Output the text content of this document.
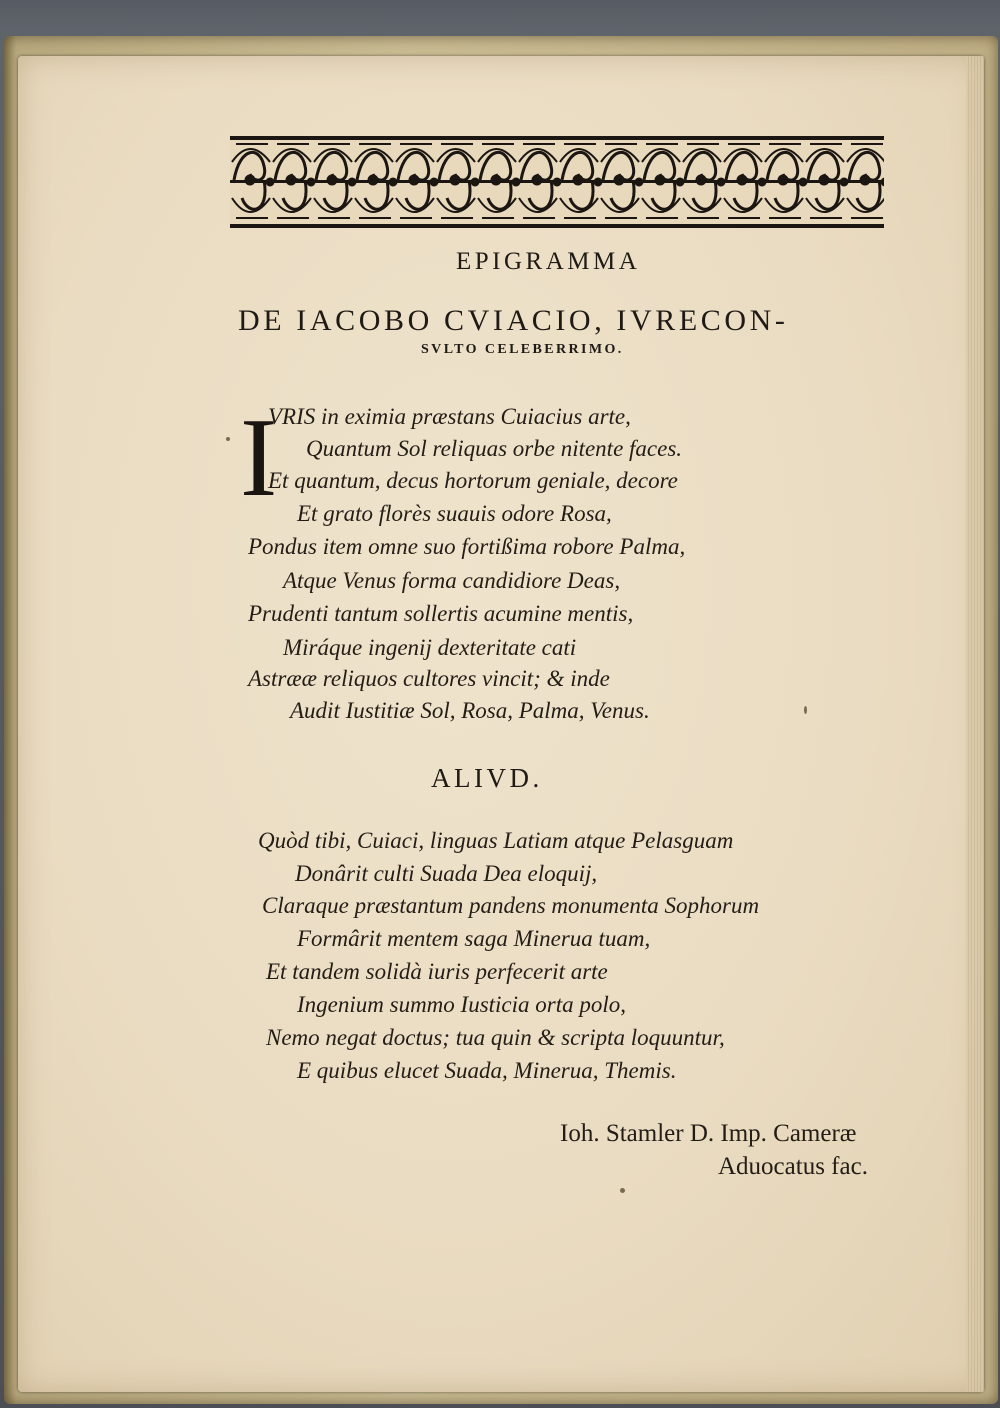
EPIGRAMMA
DE IACOBO CVIACIO, IVRECON-
SVLTO CELEBERRIMO.
I
VRIS in eximia præstans Cuiacius arte,
Quantum Sol reliquas orbe nitente faces.
Et quantum, decus hortorum geniale, decore
Et grato florès suauis odore Rosa,
Pondus item omne suo fortißima robore Palma,
Atque Venus forma candidiore Deas,
Prudenti tantum sollertis acumine mentis,
Miráque ingenij dexteritate cati
Astrææ reliquos cultores vincit; & inde
Audit Iustitiæ Sol, Rosa, Palma, Venus.
ALIVD.
Quòd tibi, Cuiaci, linguas Latiam atque Pelasguam
Donârit culti Suada Dea eloquij,
Claraque præstantum pandens monumenta Sophorum
Formârit mentem saga Minerua tuam,
Et tandem solidà iuris perfecerit arte
Ingenium summo Iusticia orta polo,
Nemo negat doctus; tua quin & scripta loquuntur,
E quibus elucet Suada, Minerua, Themis.
Ioh. Stamler D. Imp. Cameræ
Aduocatus fac.
